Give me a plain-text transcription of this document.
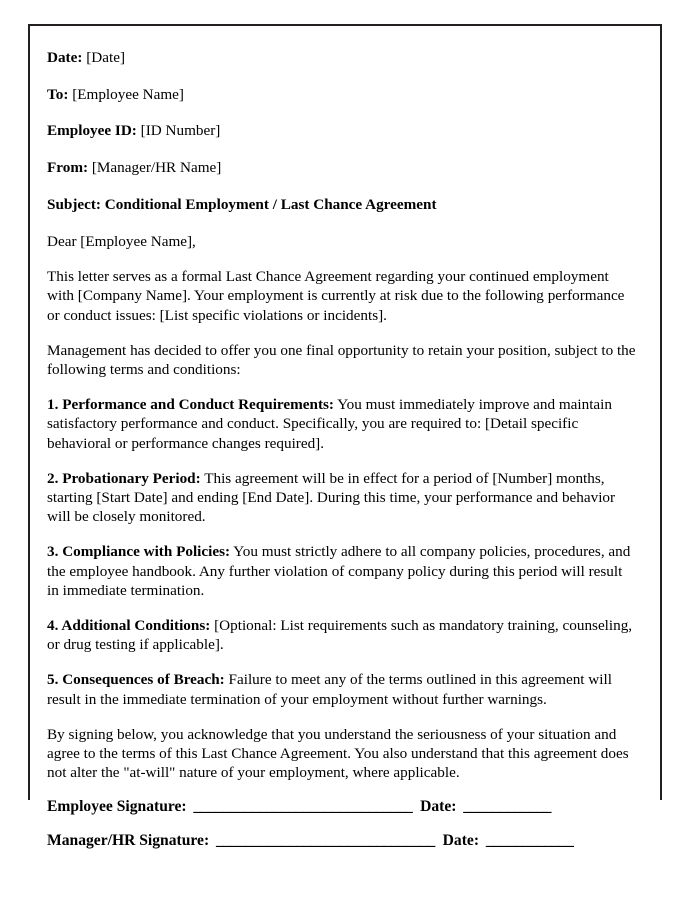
Date: [Date]

To: [Employee Name]

Employee ID: [ID Number]

From: [Manager/HR Name]

Subject: Conditional Employment / Last Chance Agreement

Dear [Employee Name],

This letter serves as a formal Last Chance Agreement regarding your continued employment with [Company Name]. Your employment is currently at risk due to the following performance or conduct issues: [List specific violations or incidents].

Management has decided to offer you one final opportunity to retain your position, subject to the following terms and conditions:

1. Performance and Conduct Requirements: You must immediately improve and maintain satisfactory performance and conduct. Specifically, you are required to: [Detail specific behavioral or performance changes required].

2. Probationary Period: This agreement will be in effect for a period of [Number] months, starting [Start Date] and ending [End Date]. During this time, your performance and behavior will be closely monitored.

3. Compliance with Policies: You must strictly adhere to all company policies, procedures, and the employee handbook. Any further violation of company policy during this period will result in immediate termination.

4. Additional Conditions: [Optional: List requirements such as mandatory training, counseling, or drug testing if applicable].

5. Consequences of Breach: Failure to meet any of the terms outlined in this agreement will result in the immediate termination of your employment without further warnings.

By signing below, you acknowledge that you understand the seriousness of your situation and agree to the terms of this Last Chance Agreement. You also understand that this agreement does not alter the "at-will" nature of your employment, where applicable.

Employee Signature:  ______________________________  Date:  ____________

Manager/HR Signature:  ______________________________  Date:  ____________
